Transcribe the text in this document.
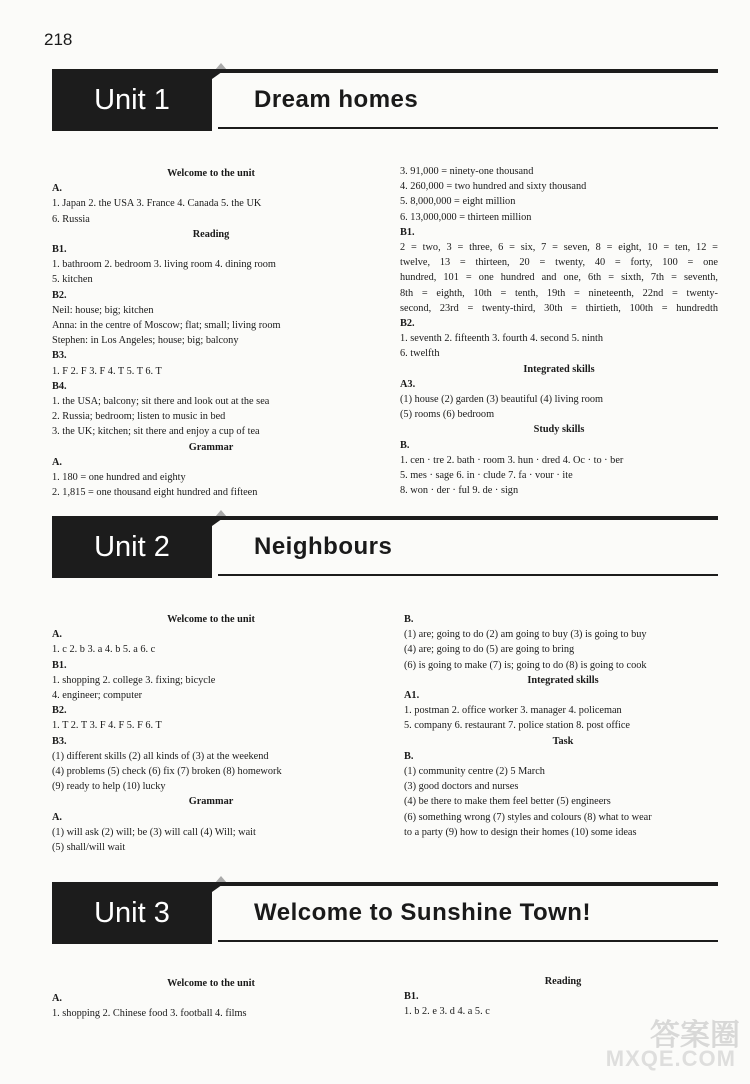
218
Unit 1	Dream homes
Welcome to the unit
A.
1. Japan 2. the USA 3. France 4. Canada 5. the UK
6. Russia
Reading
B1.
1. bathroom 2. bedroom 3. living room 4. dining room
5. kitchen
B2.
Neil: house; big; kitchen
Anna: in the centre of Moscow; flat; small; living room
Stephen: in Los Angeles; house; big; balcony
B3.
1. F 2. F 3. F 4. T 5. T 6. T
B4.
1. the USA; balcony; sit there and look out at the sea
2. Russia; bedroom; listen to music in bed
3. the UK; kitchen; sit there and enjoy a cup of tea
Grammar
A.
1. 180 = one hundred and eighty
2. 1,815 = one thousand eight hundred and fifteen
3. 91,000 = ninety-one thousand
4. 260,000 = two hundred and sixty thousand
5. 8,000,000 = eight million
6. 13,000,000 = thirteen million
B1.
2 = two, 3 = three, 6 = six, 7 = seven, 8 = eight, 10 = ten, 12 =
twelve, 13 = thirteen, 20 = twenty, 40 = forty, 100 = one
hundred, 101 = one hundred and one, 6th = sixth, 7th = seventh,
8th = eighth, 10th = tenth, 19th = nineteenth, 22nd = twenty-
second, 23rd = twenty-third, 30th = thirtieth, 100th = hundredth
B2.
1. seventh 2. fifteenth 3. fourth 4. second 5. ninth
6. twelfth
Integrated skills
A3.
(1) house (2) garden (3) beautiful (4) living room
(5) rooms (6) bedroom
Study skills
B.
1. cen · tre 2. bath · room 3. hun · dred 4. Oc · to · ber
5. mes · sage 6. in · clude 7. fa · vour · ite
8. won · der · ful 9. de · sign
Unit 2	Neighbours
Welcome to the unit
A.
1. c 2. b 3. a 4. b 5. a 6. c
B1.
1. shopping 2. college 3. fixing; bicycle
4. engineer; computer
B2.
1. T 2. T 3. F 4. F 5. F 6. T
B3.
(1) different skills (2) all kinds of (3) at the weekend
(4) problems (5) check (6) fix (7) broken (8) homework
(9) ready to help (10) lucky
Grammar
A.
(1) will ask (2) will; be (3) will call (4) Will; wait
(5) shall/will wait
B.
(1) are; going to do (2) am going to buy (3) is going to buy
(4) are; going to do (5) are going to bring
(6) is going to make (7) is; going to do (8) is going to cook
Integrated skills
A1.
1. postman 2. office worker 3. manager 4. policeman
5. company 6. restaurant 7. police station 8. post office
Task
B.
(1) community centre (2) 5 March
(3) good doctors and nurses
(4) be there to make them feel better (5) engineers
(6) something wrong (7) styles and colours (8) what to wear
to a party (9) how to design their homes (10) some ideas
Unit 3	Welcome to Sunshine Town!
Welcome to the unit
A.
1. shopping 2. Chinese food 3. football 4. films
Reading
B1.
1. b 2. e 3. d 4. a 5. c
答案圈
MXQE.COM
